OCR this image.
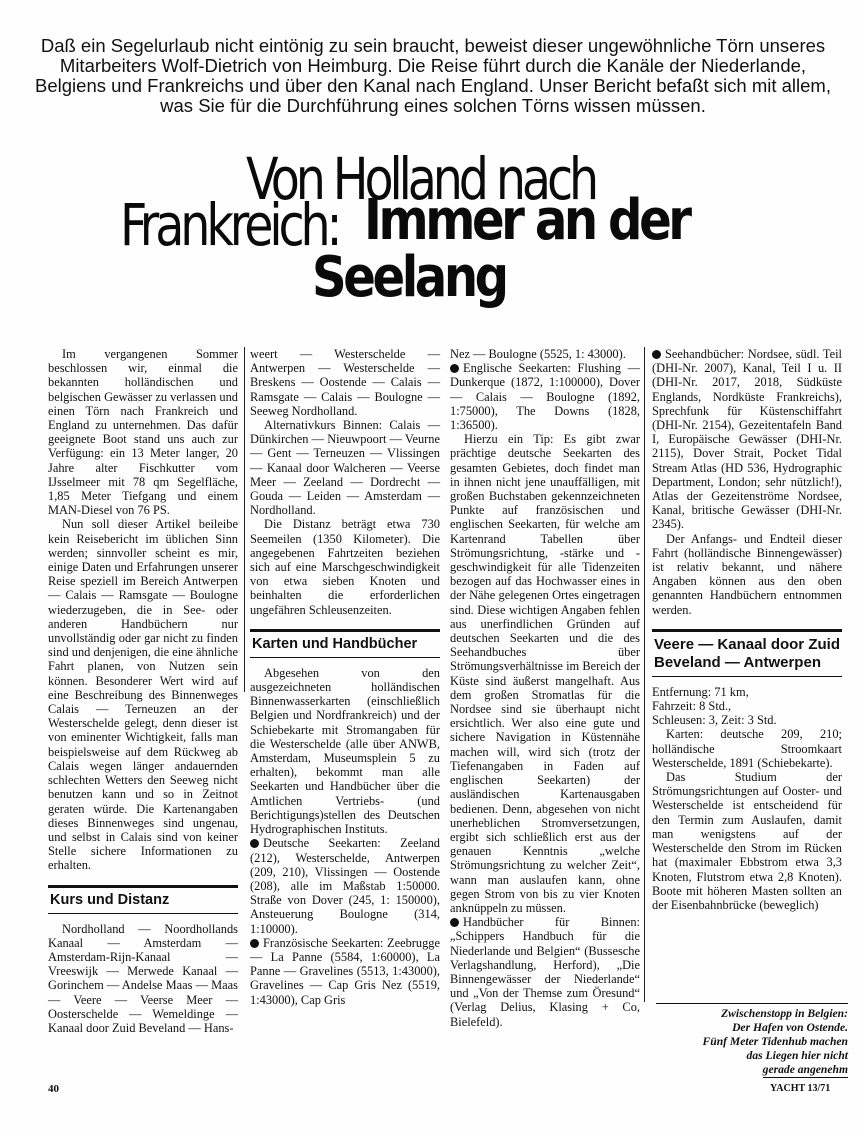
Daß ein Segelurlaub nicht eintönig zu sein braucht, beweist dieser ungewöhnliche Törn unseres Mitarbeiters Wolf-Dietrich von Heimburg. Die Reise führt durch die Kanäle der Niederlande, Belgiens und Frankreichs und über den Kanal nach England. Unser Bericht befaßt sich mit allem, was Sie für die Durchführung eines solchen Törns wissen müssen.
Von Holland nach
Frankreich: Immer an der
Seelang

Im vergangenen Sommer beschlossen wir, einmal die bekannten holländischen und belgischen Gewässer zu verlassen und einen Törn nach Frankreich und England zu unternehmen. Das dafür geeignete Boot stand uns auch zur Verfügung: ein 13 Meter langer, 20 Jahre alter Fischkutter vom IJsselmeer mit 78 qm Segelfläche, 1,85 Meter Tiefgang und einem MAN-Diesel von 76 PS.

Nun soll dieser Artikel beileibe kein Reisebericht im üblichen Sinn werden; sinnvoller scheint es mir, einige Daten und Erfahrungen unserer Reise speziell im Bereich Antwerpen — Calais — Ramsgate — Boulogne wiederzugeben, die in See- oder anderen Handbüchern nur unvollständig oder gar nicht zu finden sind und denjenigen, die eine ähnliche Fahrt planen, von Nutzen sein können. Besonderer Wert wird auf eine Beschreibung des Binnenweges Calais — Terneuzen an der Westerschelde gelegt, denn dieser ist von eminenter Wichtigkeit, falls man beispielsweise auf dem Rückweg ab Calais wegen länger andauernden schlechten Wetters den Seeweg nicht benutzen kann und so in Zeitnot geraten würde. Die Kartenangaben dieses Binnenweges sind ungenau, und selbst in Calais sind von keiner Stelle sichere Informationen zu erhalten.

Kurs und Distanz

Nordholland — Noordhollands Kanaal — Amsterdam — Amsterdam-Rijn-Kanaal — Vreeswijk — Merwede Kanaal — Gorinchem — Andelse Maas — Maas — Veere — Veerse Meer — Oosterschelde — Wemeldinge — Kanaal door Zuid Beveland — Hans-

weert — Westerschelde — Antwerpen — Westerschelde — Breskens — Oostende — Calais — Ramsgate — Calais — Boulogne — Seeweg Nordholland.

Alternativkurs Binnen: Calais — Dünkirchen — Nieuwpoort — Veurne — Gent — Terneuzen — Vlissingen — Kanaal door Walcheren — Veerse Meer — Zeeland — Dordrecht — Gouda — Leiden — Amsterdam — Nordholland.

Die Distanz beträgt etwa 730 Seemeilen (1350 Kilometer). Die angegebenen Fahrtzeiten beziehen sich auf eine Marschgeschwindigkeit von etwa sieben Knoten und beinhalten die erforderlichen ungefähren Schleusenzeiten.

Karten und Handbücher

Abgesehen von den ausgezeichneten holländischen Binnenwasserkarten (einschließlich Belgien und Nordfrankreich) und der Schiebekarte mit Stromangaben für die Westerschelde (alle über ANWB, Amsterdam, Museumsplein 5 zu erhalten), bekommt man alle Seekarten und Handbücher über die Amtlichen Vertriebs- (und Berichtigungs)stellen des Deutschen Hydrographischen Instituts.

Deutsche Seekarten: Zeeland (212), Westerschelde, Antwerpen (209, 210), Vlissingen — Oostende (208), alle im Maßstab 1:50000. Straße von Dover (245, 1: 150000), Ansteuerung Boulogne (314, 1:10000).

Französische Seekarten: Zeebrugge — La Panne (5584, 1:60000), La Panne — Gravelines (5513, 1:43000), Gravelines — Cap Gris Nez (5519, 1:43000), Cap Gris

Nez — Boulogne (5525, 1: 43000).

Englische Seekarten: Flushing — Dunkerque (1872, 1:100000), Dover — Calais — Boulogne (1892, 1:75000), The Downs (1828, 1:36500).

Hierzu ein Tip: Es gibt zwar prächtige deutsche Seekarten des gesamten Gebietes, doch findet man in ihnen nicht jene unauffälligen, mit großen Buchstaben gekennzeichneten Punkte auf französischen und englischen Seekarten, für welche am Kartenrand Tabellen über Strömungsrichtung, -stärke und -geschwindigkeit für alle Tidenzeiten bezogen auf das Hochwasser eines in der Nähe gelegenen Ortes eingetragen sind. Diese wichtigen Angaben fehlen aus unerfindlichen Gründen auf deutschen Seekarten und die des Seehandbuches über Strömungsverhältnisse im Bereich der Küste sind äußerst mangelhaft. Aus dem großen Stromatlas für die Nordsee sind sie überhaupt nicht ersichtlich. Wer also eine gute und sichere Navigation in Küstennähe machen will, wird sich (trotz der Tiefenangaben in Faden auf englischen Seekarten) der ausländischen Kartenausgaben bedienen. Denn, abgesehen von nicht unerheblichen Stromversetzungen, ergibt sich schließlich erst aus der genauen Kenntnis „welche Strömungsrichtung zu welcher Zeit“, wann man auslaufen kann, ohne gegen Strom von bis zu vier Knoten anknüppeln zu müssen.

Handbücher für Binnen: „Schippers Handbuch für die Niederlande und Belgien“ (Bussesche Verlagshandlung, Herford), „Die Binnengewässer der Niederlande“ und „Von der Themse zum Öresund“ (Verlag Delius, Klasing + Co, Bielefeld).

Seehandbücher: Nordsee, südl. Teil (DHI-Nr. 2007), Kanal, Teil I u. II (DHI-Nr. 2017, 2018, Südküste Englands, Nordküste Frankreichs), Sprechfunk für Küstenschiffahrt (DHI-Nr. 2154), Gezeitentafeln Band I, Europäische Gewässer (DHI-Nr. 2115), Dover Strait, Pocket Tidal Stream Atlas (HD 536, Hydrographic Department, London; sehr nützlich!), Atlas der Gezeitenströme Nordsee, Kanal, britische Gewässer (DHI-Nr. 2345).

Der Anfangs- und Endteil dieser Fahrt (holländische Binnengewässer) ist relativ bekannt, und nähere Angaben können aus den oben genannten Handbüchern entnommen werden.

Veere — Kanaal door Zuid Beveland — Antwerpen

Entfernung: 71 km,

Fahrzeit: 8 Std.,

Schleusen: 3, Zeit: 3 Std.

Karten: deutsche 209, 210; holländische Stroomkaart Westerschelde, 1891 (Schiebekarte).

Das Studium der Strömungsrichtungen auf Ooster- und Westerschelde ist entscheidend für den Termin zum Auslaufen, damit man wenigstens auf der Westerschelde den Strom im Rücken hat (maximaler Ebbstrom etwa 3,3 Knoten, Flutstrom etwa 2,8 Knoten). Boote mit höheren Masten sollten an der Eisenbahnbrücke (beweglich)

Zwischenstopp in Belgien:
Der Hafen von Ostende.
Fünf Meter Tidenhub machen
das Liegen hier nicht
gerade angenehm
40	YACHT 13/71
